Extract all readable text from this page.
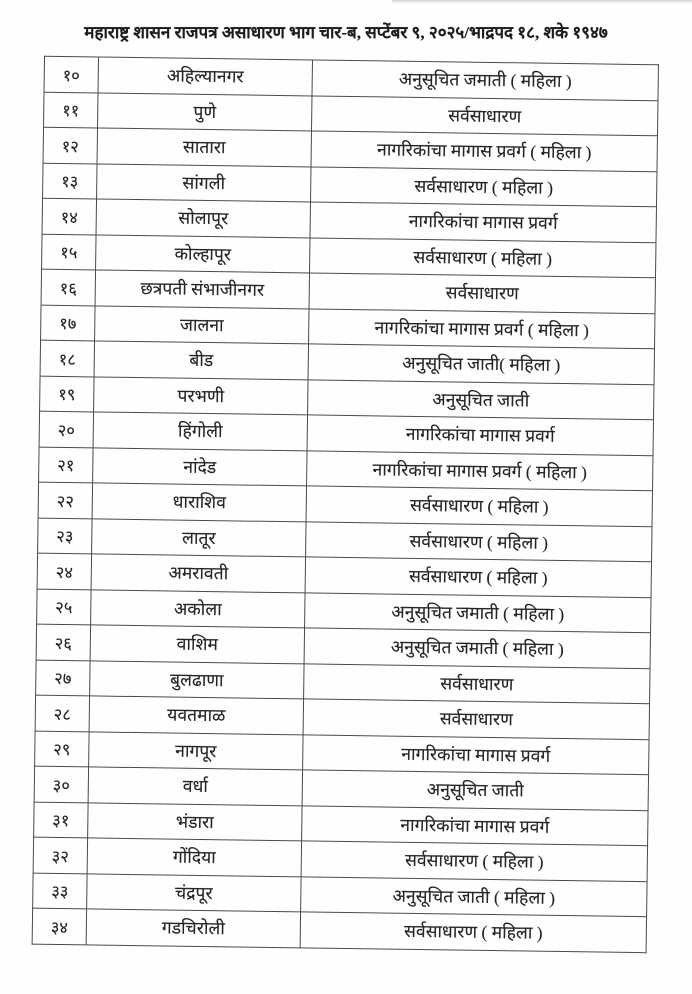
महाराष्ट्र शासन राजपत्र असाधारण भाग चार-ब, सप्टेंबर ९, २०२५/भाद्रपद १८, शके १९४७
१०	अहिल्यानगर	अनुसूचित जमाती ( महिला )
११	पुणे	सर्वसाधारण
१२	सातारा	नागरिकांचा मागास प्रवर्ग ( महिला )
१३	सांगली	सर्वसाधारण ( महिला )
१४	सोलापूर	नागरिकांचा मागास प्रवर्ग
१५	कोल्हापूर	सर्वसाधारण ( महिला )
१६	छत्रपती संभाजीनगर	सर्वसाधारण
१७	जालना	नागरिकांचा मागास प्रवर्ग ( महिला )
१८	बीड	अनुसूचित जाती( महिला )
१९	परभणी	अनुसूचित जाती
२०	हिंगोली	नागरिकांचा मागास प्रवर्ग
२१	नांदेड	नागरिकांचा मागास प्रवर्ग ( महिला )
२२	धाराशिव	सर्वसाधारण ( महिला )
२३	लातूर	सर्वसाधारण ( महिला )
२४	अमरावती	सर्वसाधारण ( महिला )
२५	अकोला	अनुसूचित जमाती ( महिला )
२६	वाशिम	अनुसूचित जमाती ( महिला )
२७	बुलढाणा	सर्वसाधारण
२८	यवतमाळ	सर्वसाधारण
२९	नागपूर	नागरिकांचा मागास प्रवर्ग
३०	वर्धा	अनुसूचित जाती
३१	भंडारा	नागरिकांचा मागास प्रवर्ग
३२	गोंदिया	सर्वसाधारण ( महिला )
३३	चंद्रपूर	अनुसूचित जाती ( महिला )
३४	गडचिरोली	सर्वसाधारण ( महिला )
